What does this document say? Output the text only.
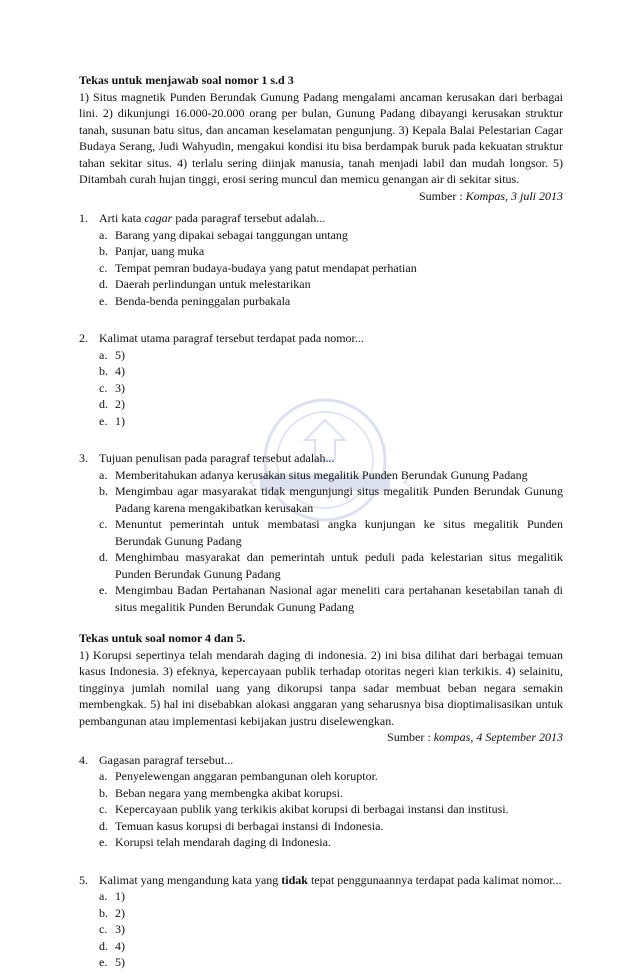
Tekas untuk menjawab soal nomor 1 s.d 3
1) Situs magnetik Punden Berundak Gunung Padang mengalami ancaman kerusakan dari berbagai lini. 2) dikunjungi 16.000-20.000 orang per bulan, Gunung Padang dibayangi kerusakan struktur tanah, susunan batu situs, dan ancaman keselamatan pengunjung. 3) Kepala Balai Pelestarian Cagar Budaya Serang, Judi Wahyudin, mengakui kondisi itu bisa berdampak buruk pada kekuatan struktur tahan sekitar situs. 4) terlalu sering diinjak manusia, tanah menjadi labil dan mudah longsor. 5) Ditambah curah hujan tinggi, erosi sering muncul dan memicu genangan air di sekitar situs.
Sumber : Kompas, 3 juli 2013
1. Arti kata cagar pada paragraf tersebut adalah...
a. Barang yang dipakai sebagai tanggungan untang
b. Panjar, uang muka
c. Tempat pemran budaya-budaya yang patut mendapat perhatian
d. Daerah perlindungan untuk melestarikan
e. Benda-benda peninggalan purbakala
2. Kalimat utama paragraf tersebut terdapat pada nomor...
a. 5)
b. 4)
c. 3)
d. 2)
e. 1)
3. Tujuan penulisan pada paragraf tersebut adalah...
a. Memberitahukan adanya kerusakan situs megalitik Punden Berundak Gunung Padang
b. Mengimbau agar masyarakat tidak mengunjungi situs megalitik Punden Berundak Gunung Padang karena mengakibatkan kerusakan
c. Menuntut pemerintah untuk membatasi angka kunjungan ke situs megalitik Punden Berundak Gunung Padang
d. Menghimbau masyarakat dan pemerintah untuk peduli pada kelestarian situs megalitik Punden Berundak Gunung Padang
e. Mengimbau Badan Pertahanan Nasional agar meneliti cara pertahanan kesetabilan tanah di situs megalitik Punden Berundak Gunung Padang
Tekas untuk soal nomor 4 dan 5.
1) Korupsi sepertinya telah mendarah daging di indonesia. 2) ini bisa dilihat dari berbagai temuan kasus Indonesia. 3) efeknya, kepercayaan publik terhadap otoritas negeri kian terkikis. 4) selainitu, tingginya jumlah nomilal uang yang dikorupsi tanpa sadar membuat beban negara semakin membengkak. 5) hal ini disebabkan alokasi anggaran yang seharusnya bisa dioptimalisasikan untuk pembangunan atau implementasi kebijakan justru diselewengkan.
Sumber : kompas, 4 September 2013
4. Gagasan paragraf tersebut...
a. Penyelewengan anggaran pembangunan oleh koruptor.
b. Beban negara yang membengka akibat korupsi.
c. Kepercayaan publik yang terkikis akibat korupsi di berbagai instansi dan institusi.
d. Temuan kasus korupsi di berbagai instansi di Indonesia.
e. Korupsi telah mendarah daging di Indonesia.
5. Kalimat yang mengandung kata yang tidak tepat penggunaannya terdapat pada kalimat nomor...
a. 1)
b. 2)
c. 3)
d. 4)
e. 5)
